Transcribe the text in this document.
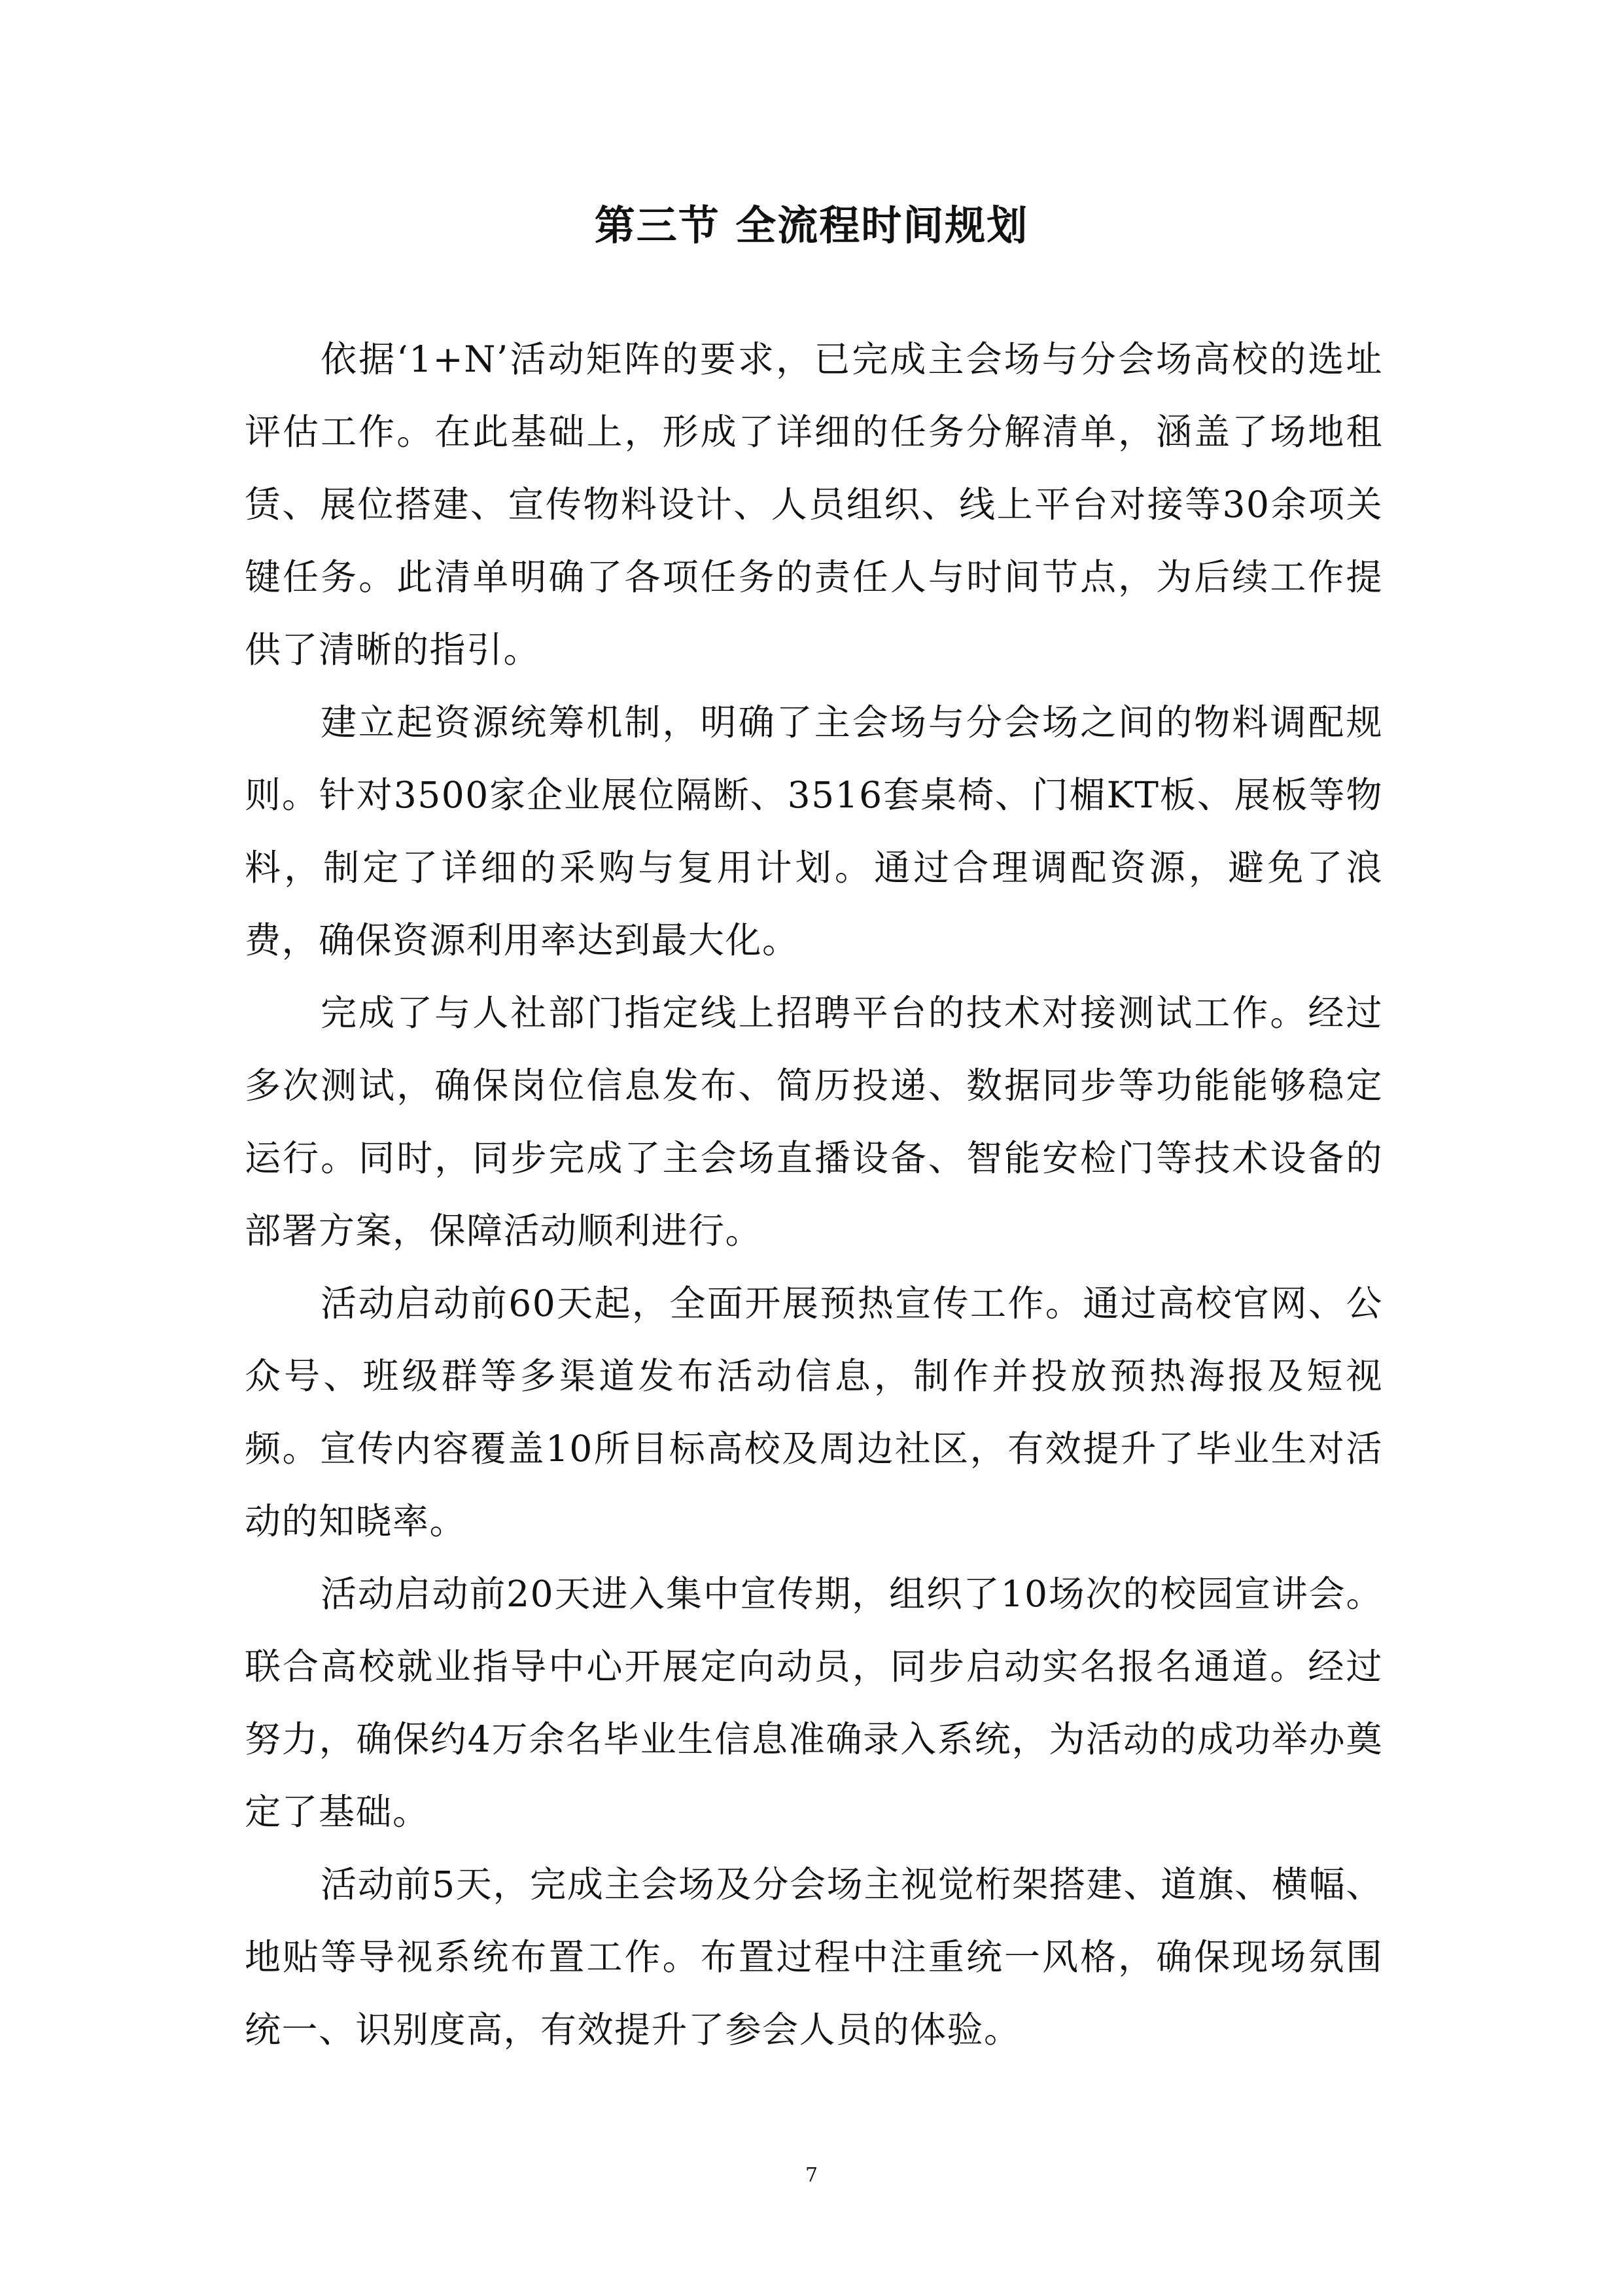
第三节 全流程时间规划

依据‘1+N’活动矩阵的要求，已完成主会场与分会场高校的选址评估工作。在此基础上，形成了详细的任务分解清单，涵盖了场地租赁、展位搭建、宣传物料设计、人员组织、线上平台对接等30余项关键任务。此清单明确了各项任务的责任人与时间节点，为后续工作提供了清晰的指引。

建立起资源统筹机制，明确了主会场与分会场之间的物料调配规则。针对3500家企业展位隔断、3516套桌椅、门楣KT板、展板等物料，制定了详细的采购与复用计划。通过合理调配资源，避免了浪费，确保资源利用率达到最大化。

完成了与人社部门指定线上招聘平台的技术对接测试工作。经过多次测试，确保岗位信息发布、简历投递、数据同步等功能能够稳定运行。同时，同步完成了主会场直播设备、智能安检门等技术设备的部署方案，保障活动顺利进行。

活动启动前60天起，全面开展预热宣传工作。通过高校官网、公众号、班级群等多渠道发布活动信息，制作并投放预热海报及短视频。宣传内容覆盖10所目标高校及周边社区，有效提升了毕业生对活动的知晓率。

活动启动前20天进入集中宣传期，组织了10场次的校园宣讲会。联合高校就业指导中心开展定向动员，同步启动实名报名通道。经过努力，确保约4万余名毕业生信息准确录入系统，为活动的成功举办奠定了基础。

活动前5天，完成主会场及分会场主视觉桁架搭建、道旗、横幅、地贴等导视系统布置工作。布置过程中注重统一风格，确保现场氛围统一、识别度高，有效提升了参会人员的体验。

7
